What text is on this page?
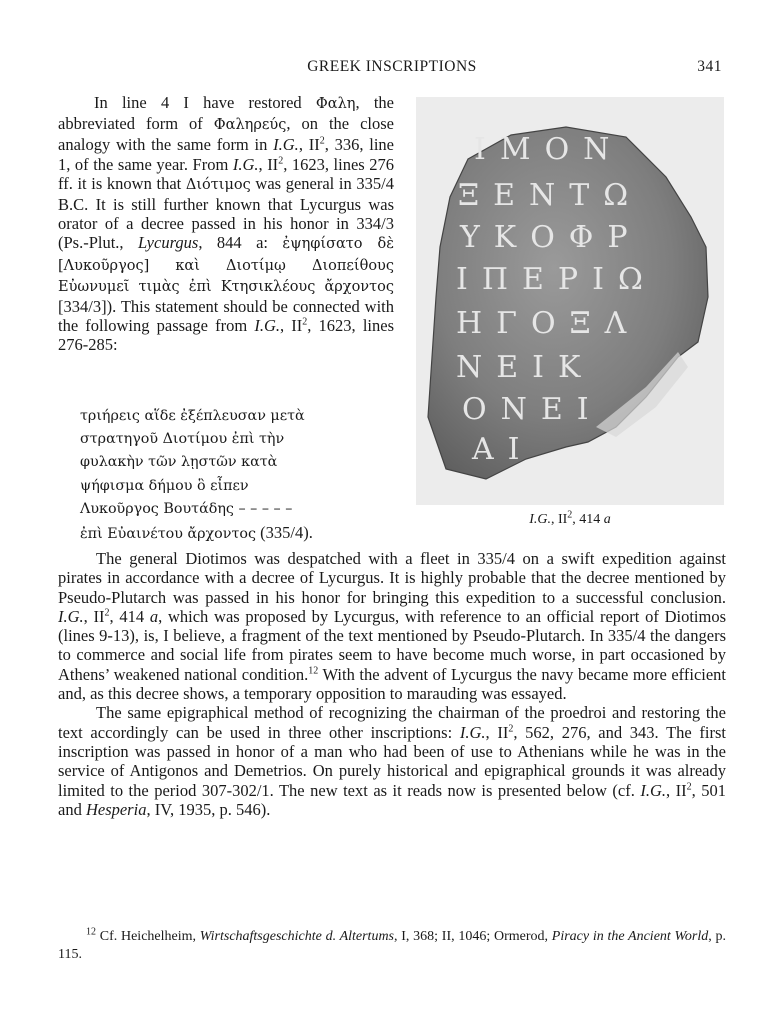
GREEK INSCRIPTIONS	341

In line 4 I have restored Φαλη, the abbreviated form of Φαληρεύς, on the close analogy with the same form in I.G., $II^2$, 336, line 1, of the same year. From I.G., $II^2$, 1623, lines 276 ff. it is known that Διότιμος was general in 335/4 B.C. It is still further known that Lycurgus was orator of a decree passed in his honor in 334/3 (Ps.-Plut., Lycurgus, 844 a: ἐψηφίσατο δὲ [Λυκοῦργος] καὶ Διοτίμῳ Διοπείθους Εὐωνυμεῖ τιμὰς ἐπὶ Κτησικλέους ἄρχοντος [334/3]). This statement should be connected with the following passage from I.G., $II^2$, 1623, lines 276-285:

τριήρεις αἵδε ἐξέπλευσαν μετὰ
στρατηγοῦ Διοτίμου ἐπὶ τὴν
φυλακὴν τῶν λῃστῶν κατὰ
ψήφισμα δήμου ὃ εἶπεν
Λυκοῦργος Βουτάδης – – – – –
ἐπὶ Εὐαινέτου ἄρχοντος (335/4).
ΙΜΟΝ
ΞΕΝΤΩ
ΥΚΟΦΡ
ΙΠΕΡΙΩ
ΗΓΟΞΛ
ΝΕΙΚ
ΟΝΕΙ
ΑΙ
I.G., $II^2$, 414 a

The general Diotimos was despatched with a fleet in 335/4 on a swift expedition against pirates in accordance with a decree of Lycurgus. It is highly probable that the decree mentioned by Pseudo-Plutarch was passed in his honor for bringing this expedition to a successful conclusion. I.G., $II^2$, 414 a, which was proposed by Lycurgus, with reference to an official report of Diotimos (lines 9-13), is, I believe, a fragment of the text mentioned by Pseudo-Plutarch. In 335/4 the dangers to commerce and social life from pirates seem to have become much worse, in part occasioned by Athens’ weakened national condition.$^{12}$ With the advent of Lycurgus the navy became more efficient and, as this decree shows, a temporary opposition to marauding was essayed.

The same epigraphical method of recognizing the chairman of the proedroi and restoring the text accordingly can be used in three other inscriptions: I.G., $II^2$, 562, 276, and 343. The first inscription was passed in honor of a man who had been of use to Athenians while he was in the service of Antigonos and Demetrios. On purely historical and epigraphical grounds it was already limited to the period 307-302/1. The new text as it reads now is presented below (cf. I.G., $II^2$, 501 and Hesperia, IV, 1935, p. 546).

$^{12}$ Cf. Heichelheim, Wirtschaftsgeschichte d. Altertums, I, 368; II, 1046; Ormerod, Piracy in the Ancient World, p. 115.
